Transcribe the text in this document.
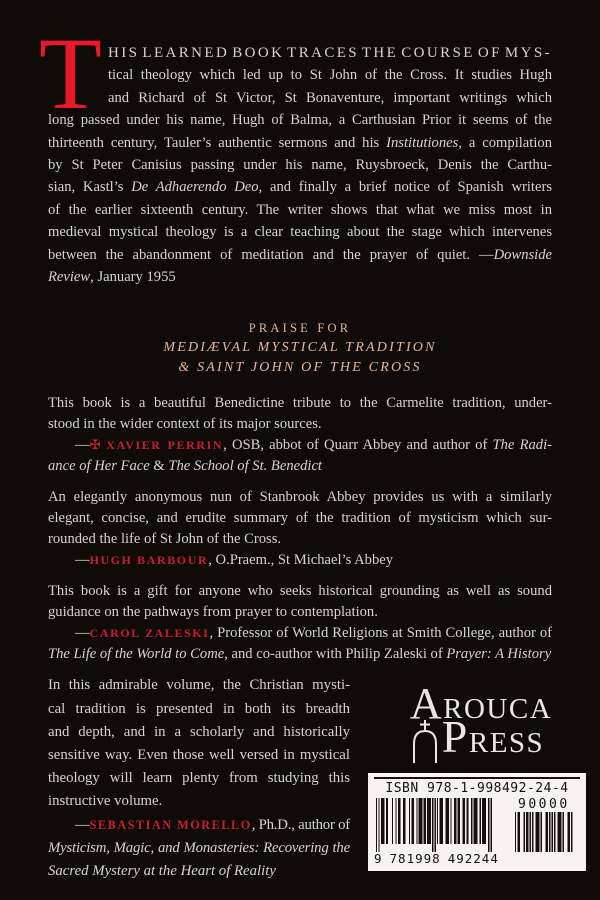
T HIS LEARNED BOOK TRACES THE COURSE OF MYS-
tical theology which led up to St John of the Cross. It studies Hugh
and Richard of St Victor, St Bonaventure, important writings which
long passed under his name, Hugh of Balma, a Carthusian Prior it seems of the
thirteenth century, Tauler’s authentic sermons and his Institutiones, a compilation
by St Peter Canisius passing under his name, Ruysbroeck, Denis the Carthu-
sian, Kastl’s De Adhaerendo Deo, and finally a brief notice of Spanish writers
of the earlier sixteenth century. The writer shows that what we miss most in
medieval mystical theology is a clear teaching about the stage which intervenes
between the abandonment of meditation and the prayer of quiet. —Downside
Review, January 1955
PRAISE FOR
MEDIÆVAL MYSTICAL TRADITION
& SAINT JOHN OF THE CROSS
This book is a beautiful Benedictine tribute to the Carmelite tradition, under-
stood in the wider context of its major sources.
—✠ XAVIER PERRIN, OSB, abbot of Quarr Abbey and author of The Radi-
ance of Her Face & The School of St. Benedict
An elegantly anonymous nun of Stanbrook Abbey provides us with a similarly
elegant, concise, and erudite summary of the tradition of mysticism which sur-
rounded the life of St John of the Cross.
—HUGH BARBOUR, O.Praem., St Michael’s Abbey
This book is a gift for anyone who seeks historical grounding as well as sound
guidance on the pathways from prayer to contemplation.
—CAROL ZALESKI, Professor of World Religions at Smith College, author of
The Life of the World to Come, and co-author with Philip Zaleski of Prayer: A History
In this admirable volume, the Christian mysti-
cal tradition is presented in both its breadth
and depth, and in a scholarly and historically
sensitive way. Even those well versed in mystical
theology will learn plenty from studying this
instructive volume.
—SEBASTIAN MORELLO, Ph.D., author of
Mysticism, Magic, and Monasteries: Recovering the
Sacred Mystery at the Heart of Reality
AROUCA
PRESS
ISBN 978-1-998492-24-4
9 781998 492244
90000
